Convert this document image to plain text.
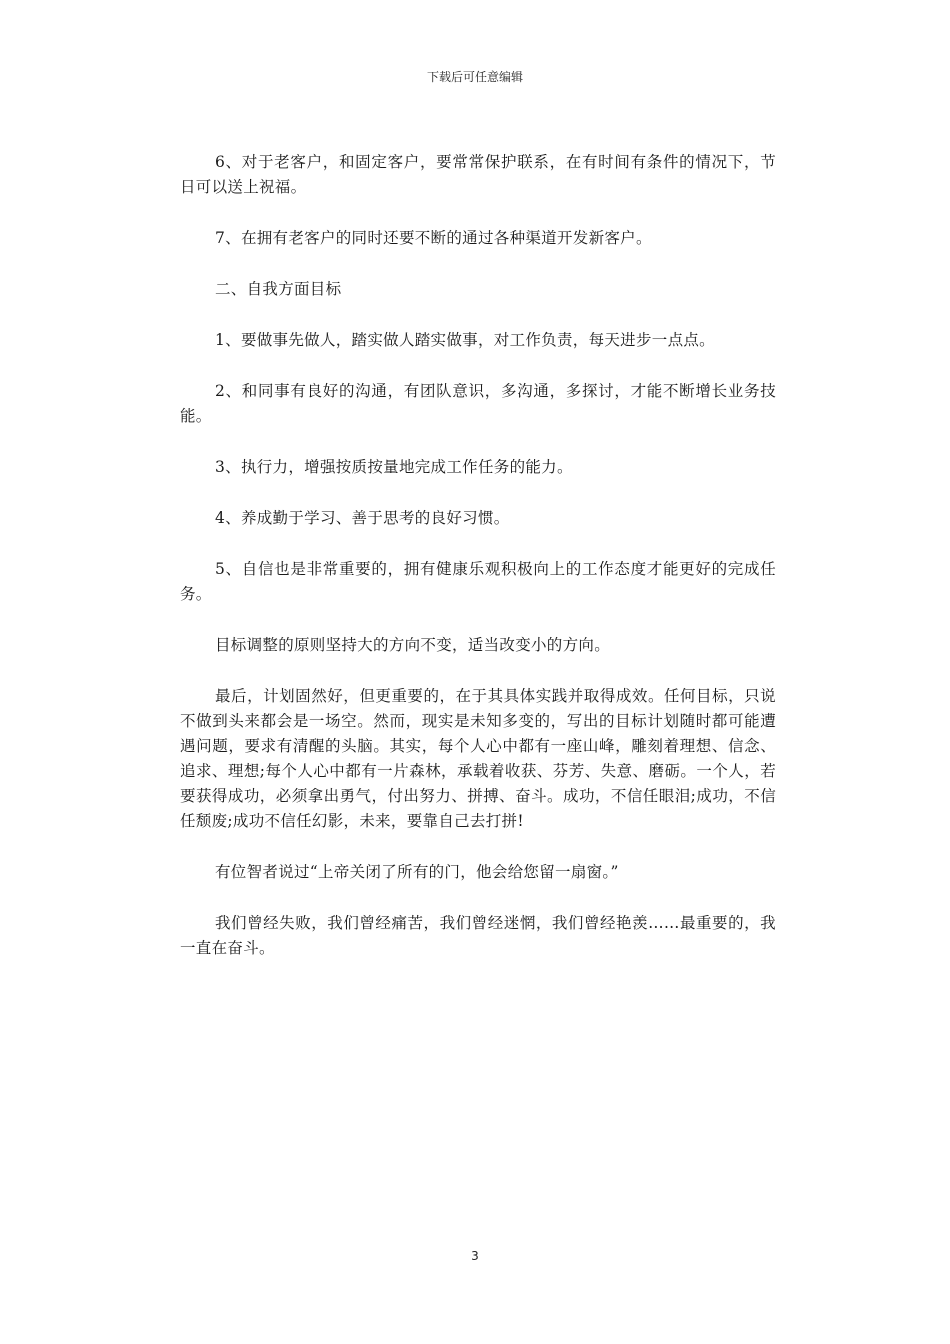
下载后可任意编辑

6、对于老客户，和固定客户，要常常保护联系，在有时间有条件的情况下，节日可以送上祝福。

7、在拥有老客户的同时还要不断的通过各种渠道开发新客户。

二、自我方面目标

1、要做事先做人，踏实做人踏实做事，对工作负责，每天进步一点点。

2、和同事有良好的沟通，有团队意识，多沟通，多探讨，才能不断增长业务技能。

3、执行力，增强按质按量地完成工作任务的能力。

4、养成勤于学习、善于思考的良好习惯。

5、自信也是非常重要的，拥有健康乐观积极向上的工作态度才能更好的完成任务。

目标调整的原则坚持大的方向不变，适当改变小的方向。

最后，计划固然好，但更重要的，在于其具体实践并取得成效。任何目标，只说不做到头来都会是一场空。然而，现实是未知多变的，写出的目标计划随时都可能遭遇问题，要求有清醒的头脑。其实，每个人心中都有一座山峰，雕刻着理想、信念、追求、理想;每个人心中都有一片森林，承载着收获、芬芳、失意、磨砺。一个人，若要获得成功，必须拿出勇气，付出努力、拼搏、奋斗。成功，不信任眼泪;成功，不信任颓废;成功不信任幻影，未来，要靠自己去打拼!

有位智者说过“上帝关闭了所有的门，他会给您留一扇窗。”

我们曾经失败，我们曾经痛苦，我们曾经迷惘，我们曾经艳羡……最重要的，我一直在奋斗。

3
